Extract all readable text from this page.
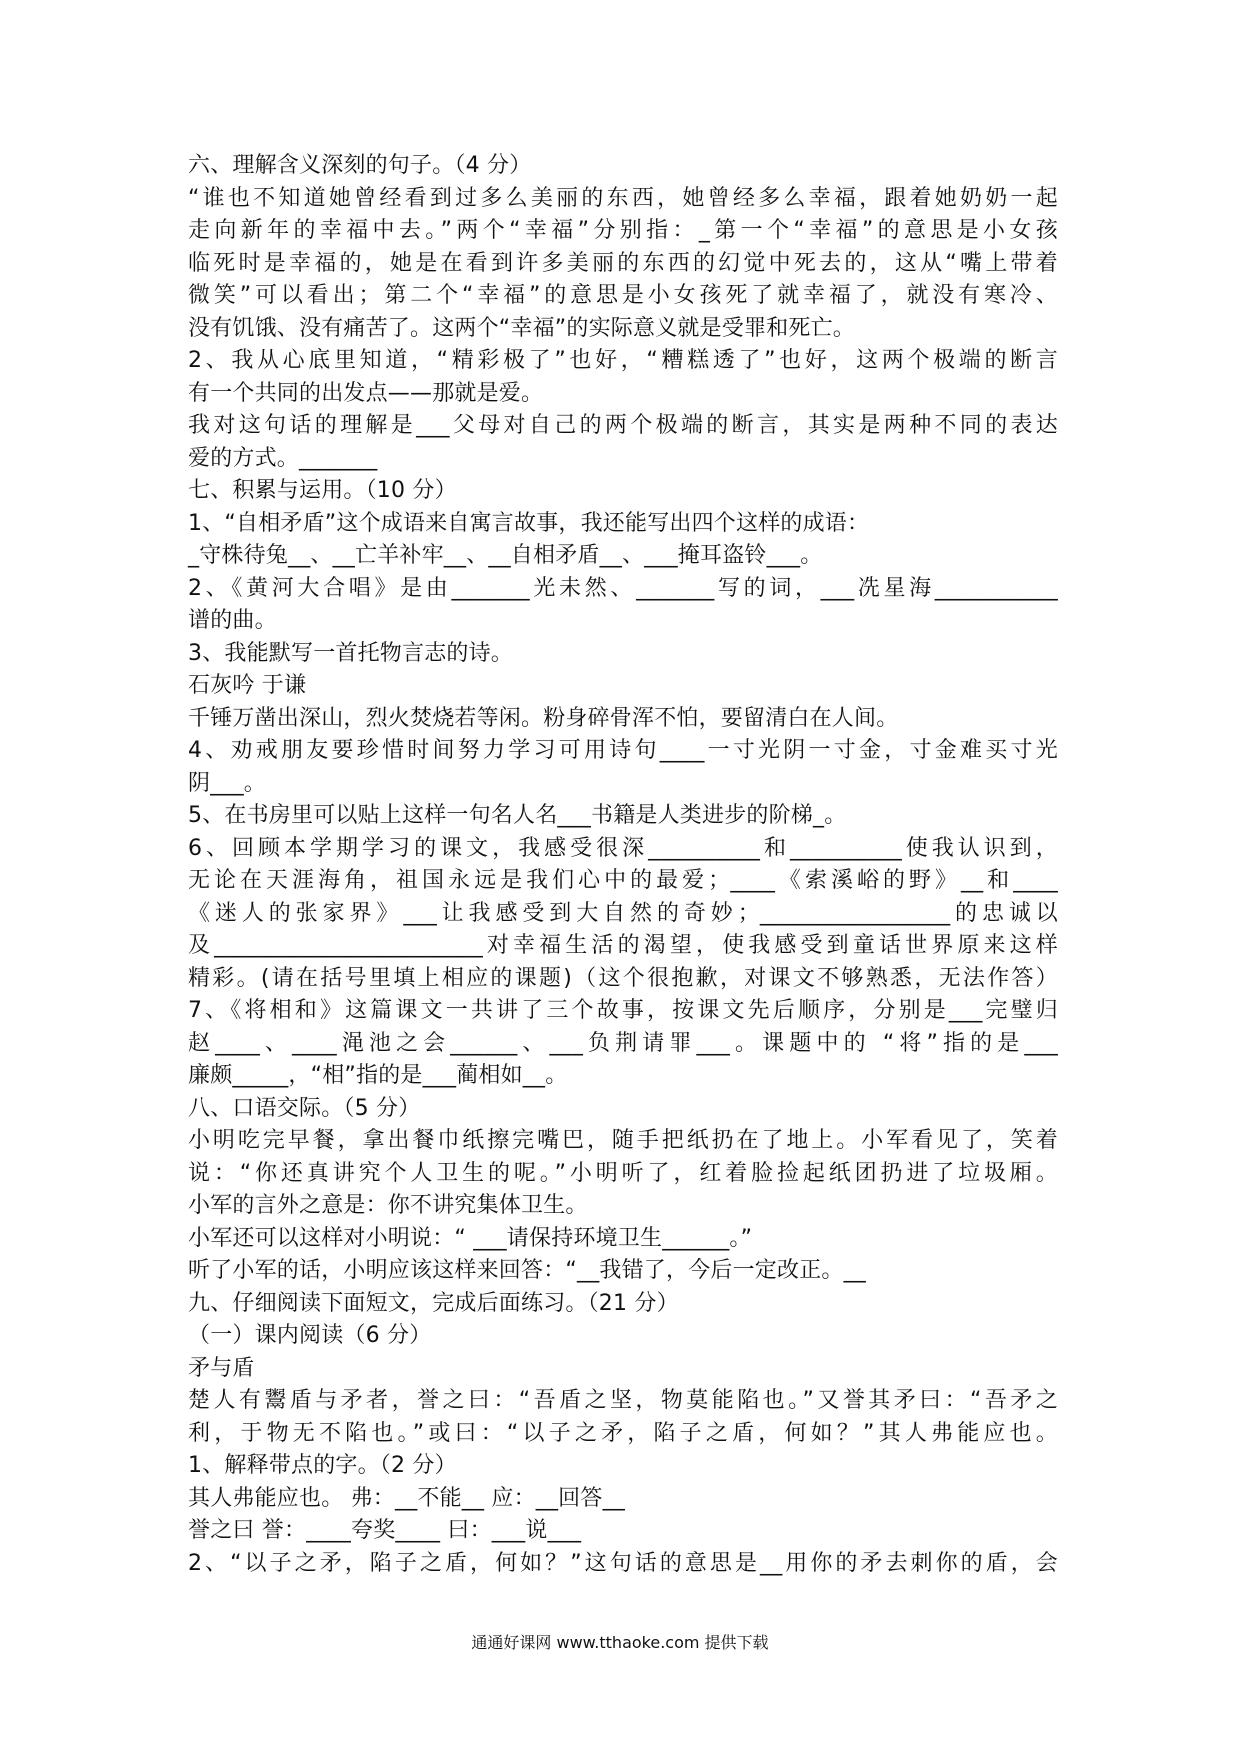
六、理解含义深刻的句子。（4 分）
“谁也不知道她曾经看到过多么美丽的东西，她曾经多么幸福，跟着她奶奶一起
走向新年的幸福中去。”两个“幸福”分别指：_第一个“幸福”的意思是小女孩
临死时是幸福的，她是在看到许多美丽的东西的幻觉中死去的，这从“嘴上带着
微笑”可以看出；第二个“幸福”的意思是小女孩死了就幸福了，就没有寒冷、
没有饥饿、没有痛苦了。这两个“幸福”的实际意义就是受罪和死亡。
2、我从心底里知道，“精彩极了”也好，“糟糕透了”也好，这两个极端的断言
有一个共同的出发点——那就是爱。
我对这句话的理解是___父母对自己的两个极端的断言，其实是两种不同的表达
爱的方式。_______
七、积累与运用。（10 分）
1、“自相矛盾”这个成语来自寓言故事，我还能写出四个这样的成语：
_守株待兔__、__亡羊补牢__、__自相矛盾__、___掩耳盗铃___。
2、《黄河大合唱》是由_______光未然、_______写的词，___冼星海___________
谱的曲。
3、我能默写一首托物言志的诗。
石灰吟 于谦
千锤万凿出深山，烈火焚烧若等闲。粉身碎骨浑不怕，要留清白在人间。
4、劝戒朋友要珍惜时间努力学习可用诗句____一寸光阴一寸金，寸金难买寸光
阴___。
5、在书房里可以贴上这样一句名人名___书籍是人类进步的阶梯_。
6、回顾本学期学习的课文，我感受很深__________和__________使我认识到，
无论在天涯海角，祖国永远是我们心中的最爱；____《索溪峪的野》__和____
《迷人的张家界》___让我感受到大自然的奇妙；_________________的忠诚以
及________________________对幸福生活的渴望，使我感受到童话世界原来这样
精彩。(请在括号里填上相应的课题)（这个很抱歉，对课文不够熟悉，无法作答）
7、《将相和》这篇课文一共讲了三个故事，按课文先后顺序，分别是___完璧归
赵____、____渑池之会______、___负荆请罪___。课题中的 “将”指的是___
廉颇_____，“相”指的是___蔺相如__。
八、口语交际。（5 分）
小明吃完早餐，拿出餐巾纸擦完嘴巴，随手把纸扔在了地上。小军看见了，笑着
说：“你还真讲究个人卫生的呢。”小明听了，红着脸捡起纸团扔进了垃圾厢。
小军的言外之意是：你不讲究集体卫生。
小军还可以这样对小明说：“ ___请保持环境卫生______。”
听了小军的话，小明应该这样来回答：“__我错了，今后一定改正。__
九、仔细阅读下面短文，完成后面练习。（21 分）
（一）课内阅读（6 分）
矛与盾
楚人有鬻盾与矛者，誉之曰：“吾盾之坚，物莫能陷也。”又誉其矛曰：“吾矛之
利，于物无不陷也。”或曰：“以子之矛，陷子之盾，何如？”其人弗能应也。
1、解释带点的字。（2 分）
其人弗能应也。 弗：__不能__ 应：__回答__
誉之曰 誉：____夸奖____ 曰：___说___
2、“以子之矛，陷子之盾，何如？”这句话的意思是__用你的矛去刺你的盾，会
通通好课网 www.tthaoke.com 提供下载
